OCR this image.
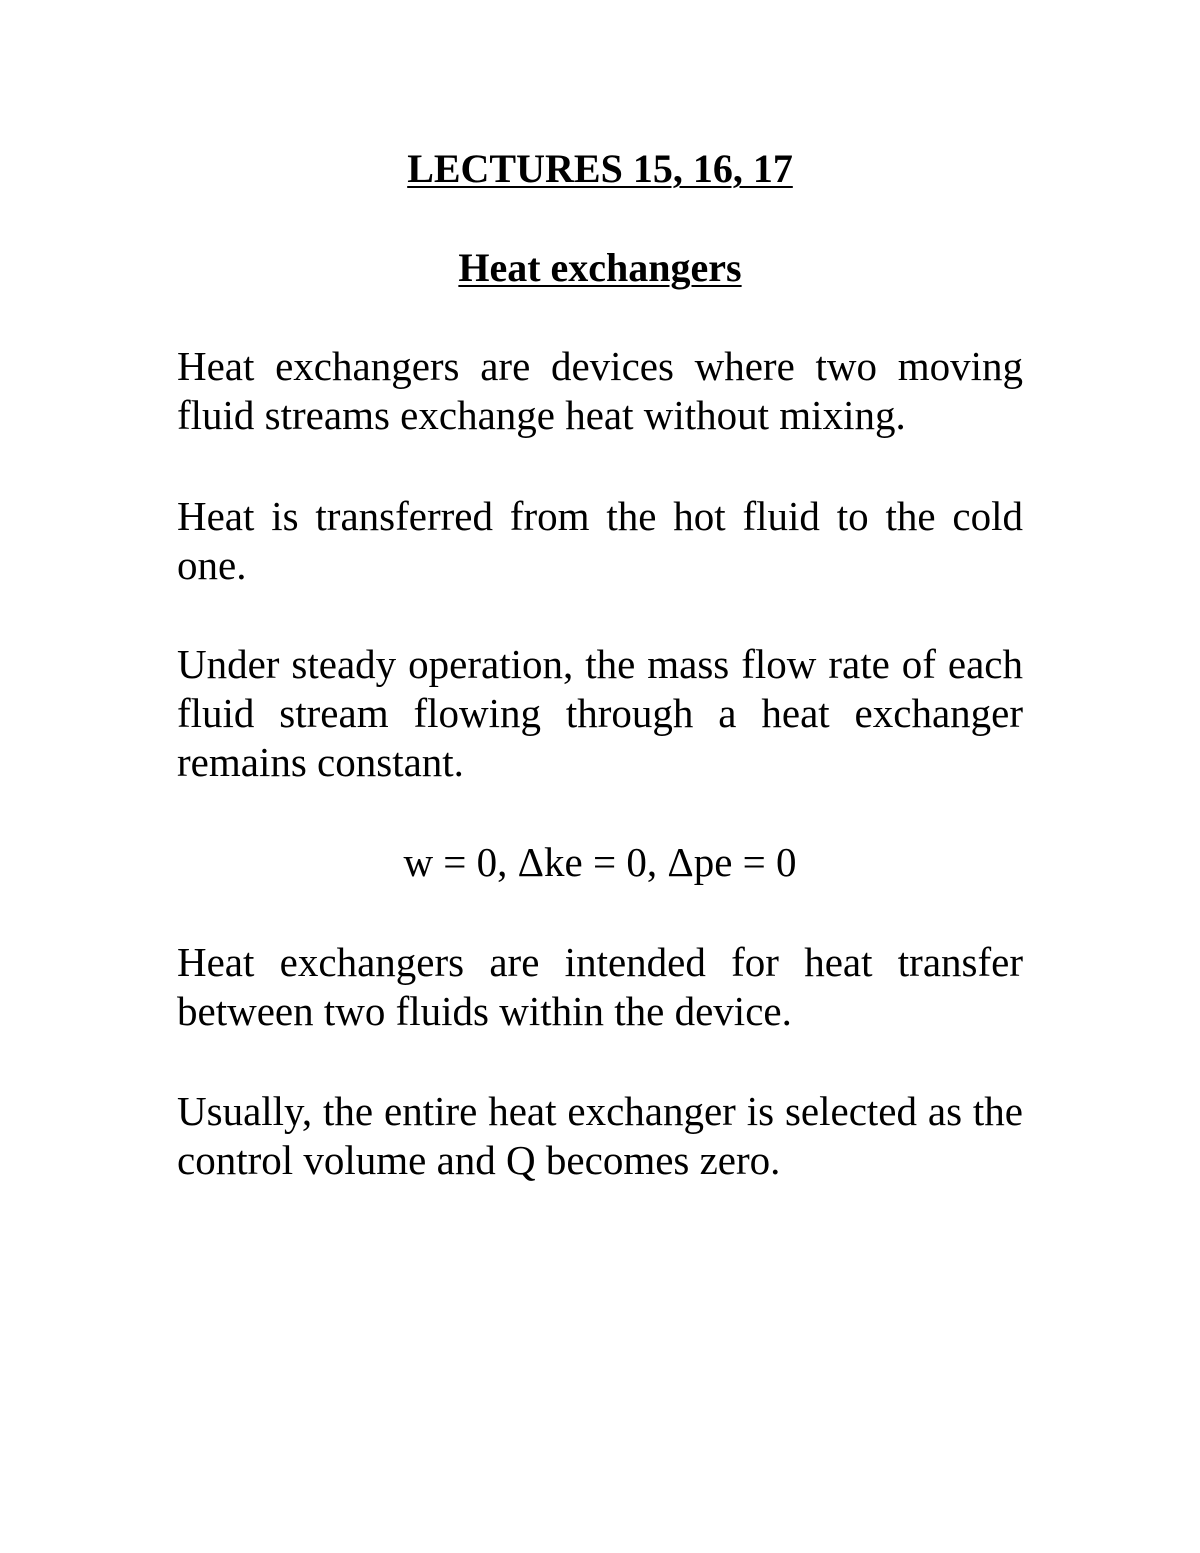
LECTURES 15, 16, 17
Heat exchangers

Heat exchangers are devices where two moving fluid streams exchange heat without mixing.

Heat is transferred from the hot fluid to the cold one.

Under steady operation, the mass flow rate of each fluid stream flowing through a heat exchanger remains constant.

w = 0, Δke = 0, Δpe = 0

Heat exchangers are intended for heat transfer between two fluids within the device.

Usually, the entire heat exchanger is selected as the control volume and Q becomes zero.
